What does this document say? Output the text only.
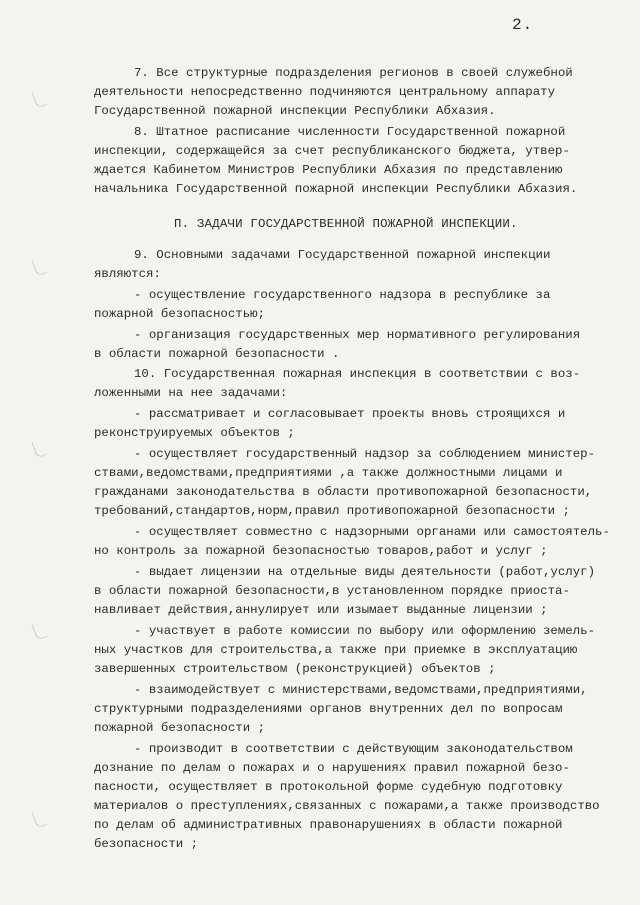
2.
7. Все структурные подразделения регионов в своей служебной
деятельности непосредственно подчиняются центральному аппарату
Государственной пожарной инспекции Республики Абхазия.
8. Штатное расписание численности Государственной пожарной
инспекции, содержащейся за счет республиканского бюджета, утвер-
ждается Кабинетом Министров Республики Абхазия по представлению
начальника Государственной пожарной инспекции Республики Абхазия.
П. ЗАДАЧИ ГОСУДАРСТВЕННОЙ ПОЖАРНОЙ ИНСПЕКЦИИ.
9. Основными задачами Государственной пожарной инспекции
являются:
- осуществление государственного надзора в республике за
пожарной безопасностью;
- организация государственных мер нормативного регулирования
в области пожарной безопасности .
10. Государственная пожарная инспекция в соответствии с воз-
ложенными на нее задачами:
- рассматривает и согласовывает проекты вновь строящихся и
реконструируемых объектов ;
- осуществляет государственный надзор за соблюдением министер-
ствами,ведомствами,предприятиями ,а также должностными лицами и
гражданами законодательства в области противопожарной безопасности,
требований,стандартов,норм,правил противопожарной безопасности ;
- осуществляет совместно с надзорными органами или самостоятель-
но контроль за пожарной безопасностью товаров,работ и услуг ;
- выдает лицензии на отдельные виды деятельности (работ,услуг)
в области пожарной безопасности,в установленном порядке приоста-
навливает действия,аннулирует или изымает выданные лицензии ;
- участвует в работе комиссии по выбору или оформлению земель-
ных участков для строительства,а также при приемке в эксплуатацию
завершенных строительством (реконструкцией) объектов ;
- взаимодействует с министерствами,ведомствами,предприятиями,
структурными подразделениями органов внутренних дел по вопросам
пожарной безопасности ;
- производит в соответствии с действующим законодательством
дознание по делам о пожарах и о нарушениях правил пожарной безо-
пасности, осуществляет в протокольной форме судебную подготовку
материалов о преступлениях,связанных с пожарами,а также производство
по делам об административных правонарушениях в области пожарной
безопасности ;
